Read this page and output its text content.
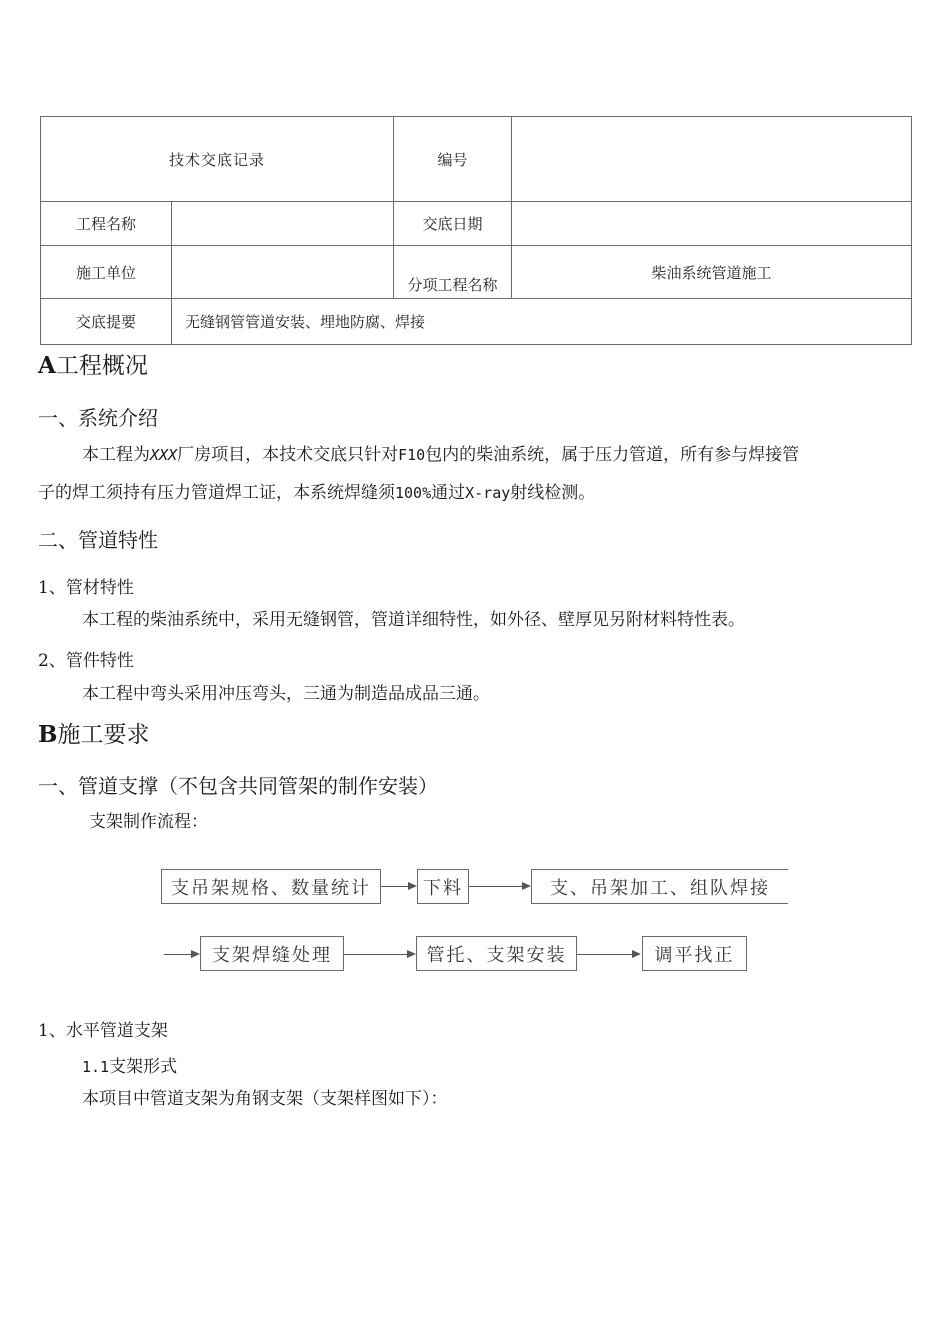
技术交底记录		编号	
工程名称		交底日期	
施工单位		分项工程名称	柴油系统管道施工
交底提要	无缝钢管管道安装、埋地防腐、焊接		
A工程概况
一、系统介绍
本工程为XXX厂房项目，本技术交底只针对F10包内的柴油系统，属于压力管道，所有参与焊接管
子的焊工须持有压力管道焊工证，本系统焊缝须100%通过X-ray射线检测。
二、管道特性
1、管材特性
本工程的柴油系统中，采用无缝钢管，管道详细特性，如外径、壁厚见另附材料特性表。
2、管件特性
本工程中弯头采用冲压弯头，三通为制造品成品三通。
B施工要求
一、管道支撑（不包含共同管架的制作安装）
支架制作流程：
支吊架规格、数量统计	下料	支、吊架加工、组队焊接
支架焊缝处理	管托、支架安装	调平找正
1、水平管道支架
1.1支架形式
本项目中管道支架为角钢支架（支架样图如下）：
